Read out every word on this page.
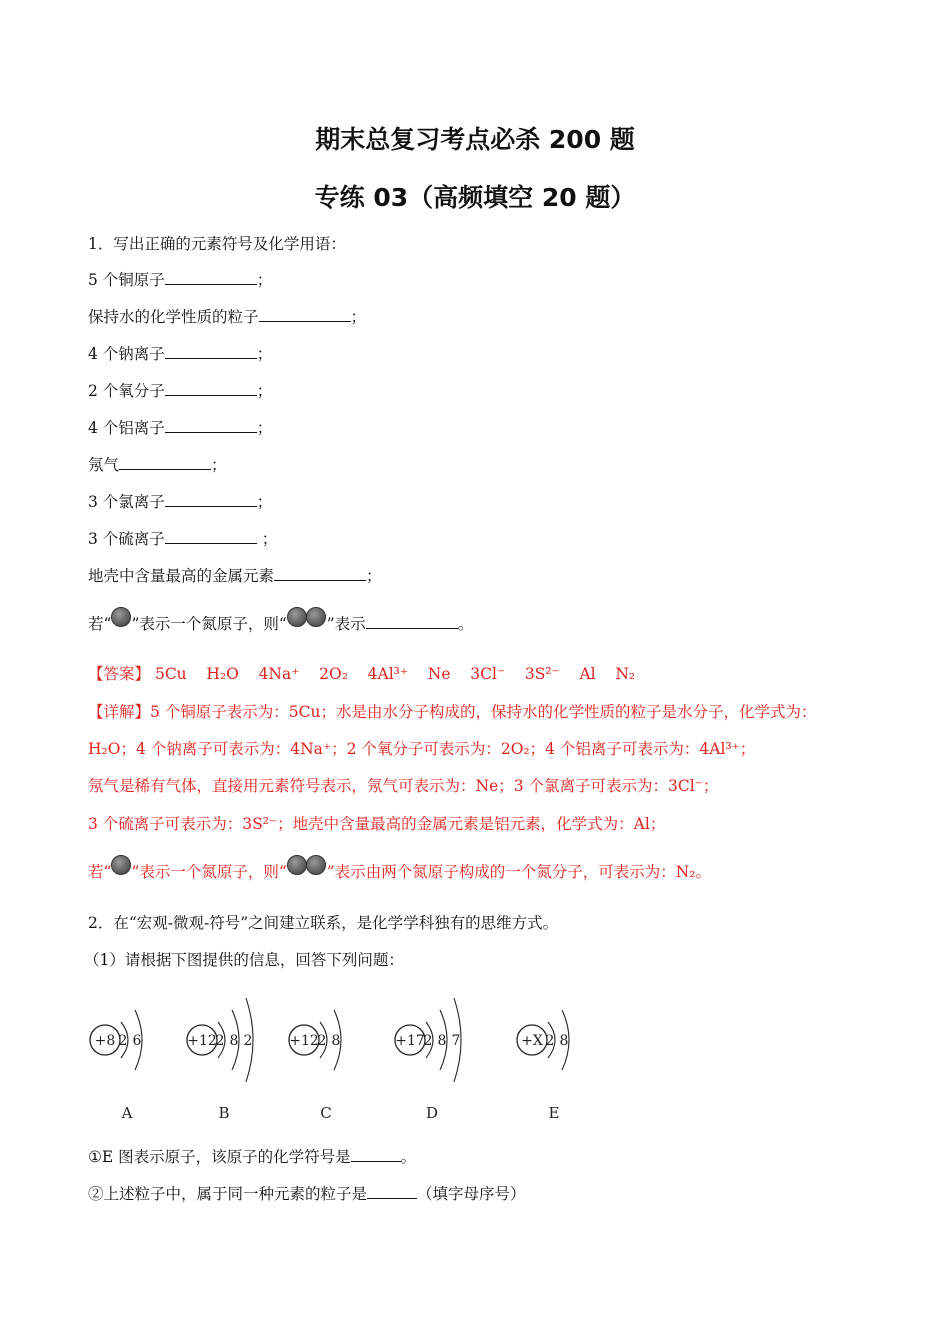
期末总复习考点必杀 200 题
专练 03（高频填空 20 题）
1．写出正确的元素符号及化学用语：
5 个铜原子	；
保持水的化学性质的粒子	；
4 个钠离子	；
2 个氧分子	；
4 个铝离子	；
氖气	；
3 个氯离子	；
3 个硫离子	；
地壳中含量最高的金属元素	；
若“ ”表示一个氮原子，则“	”表示	。
【答案】 5Cu H₂O 4Na⁺ 2O₂ 4Al³⁺ Ne 3Cl⁻ 3S²⁻ Al N₂
【详解】5 个铜原子表示为：5Cu；水是由水分子构成的，保持水的化学性质的粒子是水分子，化学式为：
H₂O；4 个钠离子可表示为：4Na⁺；2 个氧分子可表示为：2O₂；4 个铝离子可表示为：4Al³⁺；
氖气是稀有气体，直接用元素符号表示，氖气可表示为：Ne；3 个氯离子可表示为：3Cl⁻；
3 个硫离子可表示为：3S²⁻；地壳中含量最高的金属元素是铝元素，化学式为：Al；
若“ ”表示一个氮原子，则“	”表示由两个氮原子构成的一个氮分子，可表示为：N₂。
2．在“宏观-微观-符号”之间建立联系，是化学学科独有的思维方式。
（1）请根据下图提供的信息，回答下列问题：
+8 2 6
A
+12
2 8 2
B
+12
2 8
C
+17
2 8 7
D
+X 2 8
E
①E 图表示原子，该原子的化学符号是	。
②上述粒子中，属于同一种元素的粒子是	（填字母序号）
